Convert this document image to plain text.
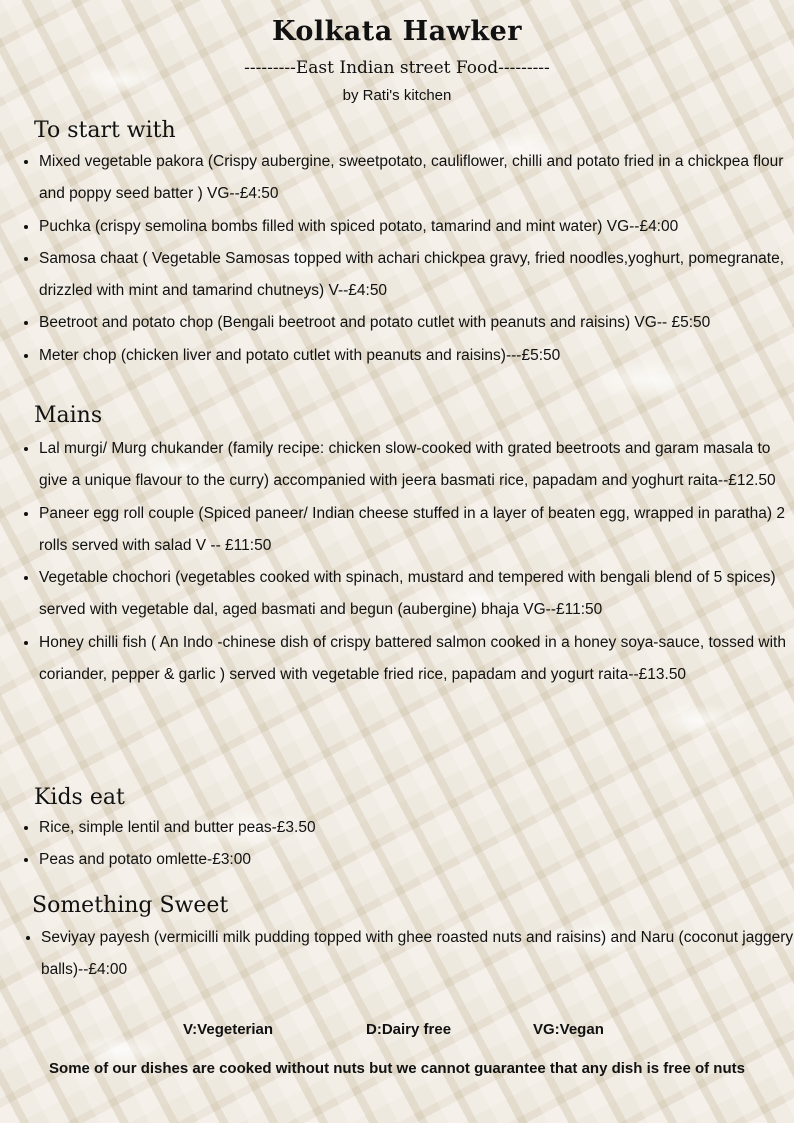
Kolkata Hawker
---------East Indian street Food---------
by Rati's kitchen
To start with
• Mixed vegetable pakora (Crispy aubergine, sweetpotato, cauliflower, chilli and potato fried in a chickpea flour and poppy seed batter ) VG--£4:50
• Puchka (crispy semolina bombs filled with spiced potato, tamarind and mint water) VG--£4:00
• Samosa chaat ( Vegetable Samosas topped with achari chickpea gravy, fried noodles,yoghurt, pomegranate, drizzled with mint and tamarind chutneys) V--£4:50
• Beetroot and potato chop (Bengali beetroot and potato cutlet with peanuts and raisins) VG-- £5:50
• Meter chop (chicken liver and potato cutlet with peanuts and raisins)---£5:50
Mains
• Lal murgi/ Murg chukander (family recipe: chicken slow-cooked with grated beetroots and garam masala to give a unique flavour to the curry) accompanied with jeera basmati rice, papadam and yoghurt raita--£12.50
• Paneer egg roll couple (Spiced paneer/ Indian cheese stuffed in a layer of beaten egg, wrapped in paratha) 2 rolls served with salad V -- £11:50
• Vegetable chochori (vegetables cooked with spinach, mustard and tempered with bengali blend of 5 spices) served with vegetable dal, aged basmati and begun (aubergine) bhaja VG--£11:50
• Honey chilli fish ( An Indo -chinese dish of crispy battered salmon cooked in a honey soya-sauce, tossed with coriander, pepper & garlic ) served with vegetable fried rice, papadam and yogurt raita--£13.50
Kids eat
• Rice, simple lentil and butter peas-£3.50
• Peas and potato omlette-£3:00
Something Sweet
• Seviyay payesh (vermicilli milk pudding topped with ghee roasted nuts and raisins) and Naru (coconut jaggery balls)--£4:00
V:Vegeterian	D:Dairy free	VG:Vegan
Some of our dishes are cooked without nuts but we cannot guarantee that any dish is free of nuts
